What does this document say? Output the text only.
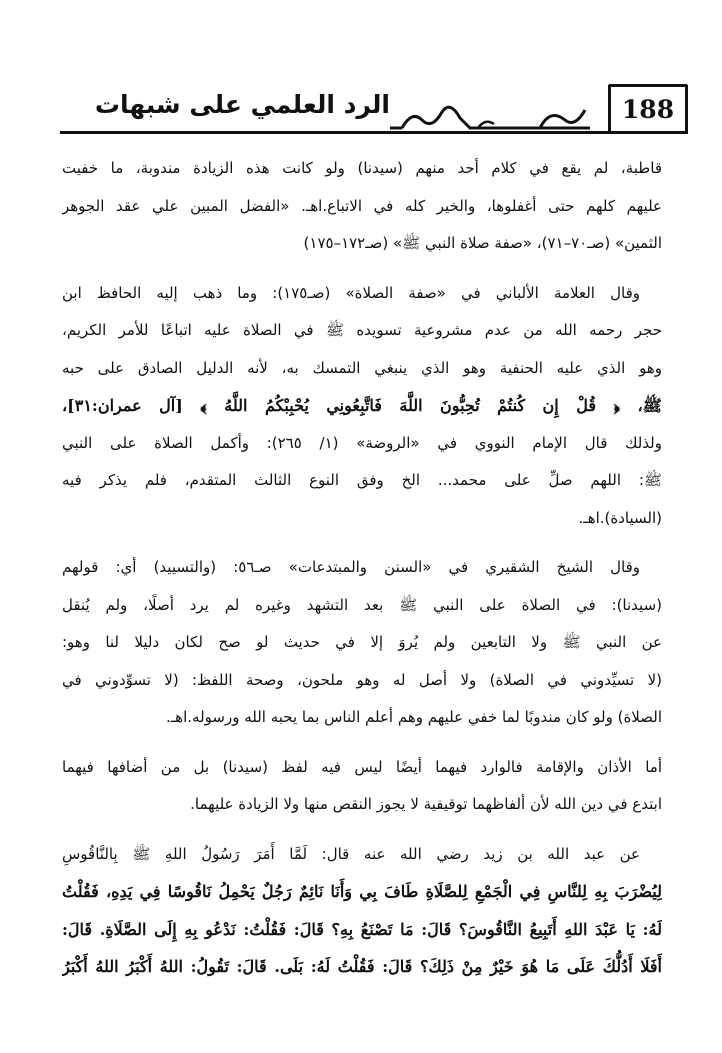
الرد العلمي على شبهات	188
قاطبة، لم يقع في كلام أحد منهم (سيدنا) ولو كانت هذه الزيادة مندوبة، ما خفيت
عليهم كلهم حتى أغفلوها، والخير كله في الاتباع.اهـ. «الفضل المبين علي عقد الجوهر
الثمين» (صـ٧٠–٧١)، «صفة صلاة النبي ﷺ» (صـ١٧٢–١٧٥)
وقال العلامة الألباني في «صفة الصلاة» (صـ١٧٥): وما ذهب إليه الحافظ ابن
حجر رحمه الله من عدم مشروعية تسويده ﷺ في الصلاة عليه اتباعًا للأمر الكريم،
وهو الذي عليه الحنفية وهو الذي ينبغي التمسك به، لأنه الدليل الصادق على حبه
ﷺ، ﴿ قُلْ إِن كُنتُمْ تُحِبُّونَ اللَّهَ فَاتَّبِعُونِي يُحْبِبْكُمُ اللَّهُ ﴾ [آل عمران:٣١]،
ولذلك قال الإمام النووي في «الروضة» (١/ ٢٦٥): وأكمل الصلاة على النبي
ﷺ: اللهم صلِّ على محمد... الخ وفق النوع الثالث المتقدم، فلم يذكر فيه
(السيادة).اهـ.
وقال الشيخ الشقيري في «السنن والمبتدعات» صـ٥٦: (والتسييد) أي: قولهم
(سيدنا): في الصلاة على النبي ﷺ بعد التشهد وغيره لم يرد أصلًا، ولم يُنقل
عن النبي ﷺ ولا التابعين ولم يُروَ إلا في حديث لو صح لكان دليلا لنا وهو:
(لا تسيِّدوني في الصلاة) ولا أصل له وهو ملحون، وصحة اللفظ: (لا تسوِّدوني في
الصلاة) ولو كان مندوبًا لما خفي عليهم وهم أعلم الناس بما يحبه الله ورسوله.اهـ.
أما الأذان والإقامة فالوارد فيهما أيضًا ليس فيه لفظ (سيدنا) بل من أضافها فيهما
ابتدع في دين الله لأن ألفاظهما توقيفية لا يجوز النقص منها ولا الزيادة عليهما.
عن عبد الله بن زيد رضي الله عنه قال: لَمَّا أَمَرَ رَسُولُ اللهِ ﷺ بِالنَّاقُوسِ
لِيُضْرَبَ بِهِ لِلنَّاسِ فِي الْجَمْعِ لِلصَّلَاةِ طَافَ بِي وَأَنَا نَائِمٌ رَجُلٌ يَحْمِلُ نَاقُوسًا فِي يَدِهِ، فَقُلْتُ
لَهُ: يَا عَبْدَ اللهِ أَتَبِيعُ النَّاقُوسَ؟ قَالَ: مَا تَصْنَعُ بِهِ؟ قَالَ: فَقُلْتُ: نَدْعُو بِهِ إِلَى الصَّلَاةِ. قَالَ:
أَفَلَا أَدُلُّكَ عَلَى مَا هُوَ خَيْرٌ مِنْ ذَلِكَ؟ قَالَ: فَقُلْتُ لَهُ: بَلَى. قَالَ: تَقُولُ: اللهُ أَكْبَرُ اللهُ أَكْبَرُ
